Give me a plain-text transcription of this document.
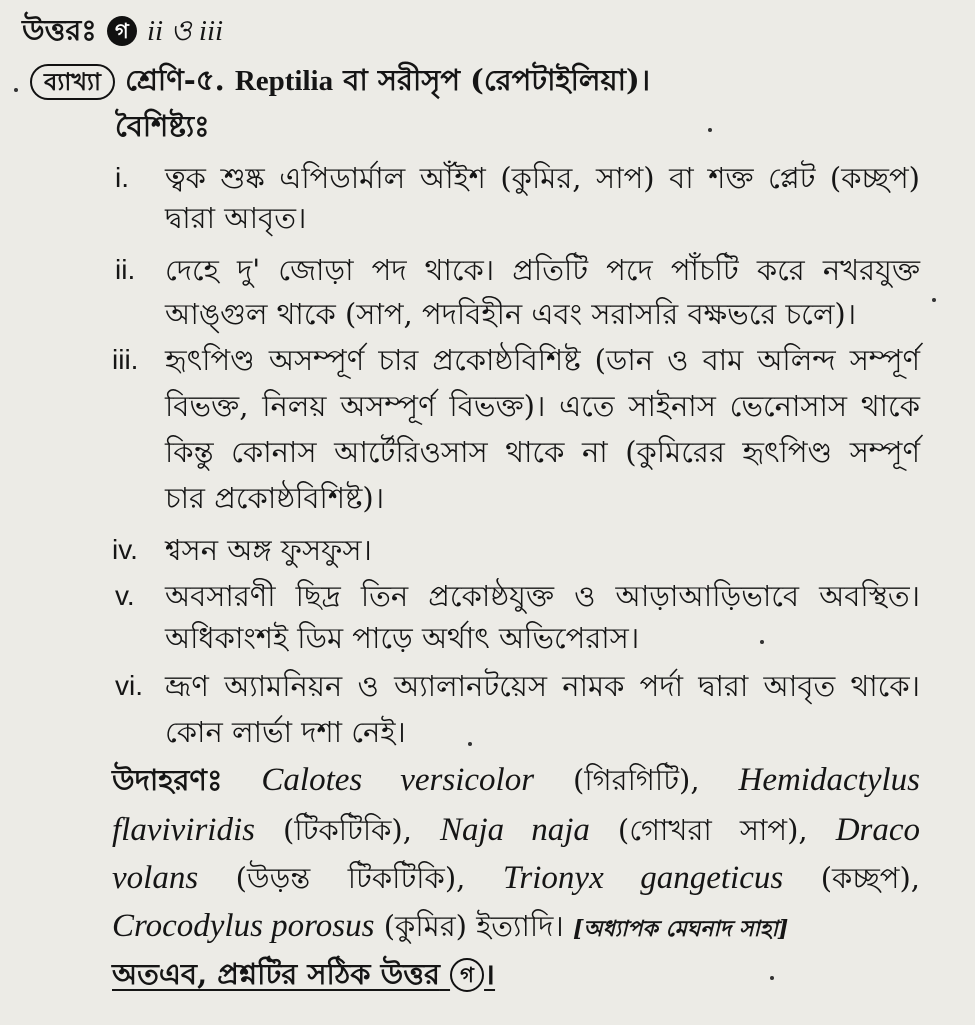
উত্তরঃ গ ii ও iii
ব্যাখ্যা শ্রেণি-৫. Reptilia বা সরীসৃপ (রেপটাইলিয়া)।
বৈশিষ্ট্যঃ
i. ত্বক শুষ্ক এপিডার্মাল আঁইশ (কুমির, সাপ) বা শক্ত প্লেট (কচ্ছপ)
দ্বারা আবৃত।
ii. দেহে দু' জোড়া পদ থাকে। প্রতিটি পদে পাঁচটি করে নখরযুক্ত
আঙ্গুল থাকে (সাপ, পদবিহীন এবং সরাসরি বক্ষভরে চলে)।
iii. হৃৎপিণ্ড অসম্পূর্ণ চার প্রকোষ্ঠবিশিষ্ট (ডান ও বাম অলিন্দ সম্পূর্ণ
বিভক্ত, নিলয় অসম্পূর্ণ বিভক্ত)। এতে সাইনাস ভেনোসাস থাকে
কিন্তু কোনাস আর্টেরিওসাস থাকে না (কুমিরের হৃৎপিণ্ড সম্পূর্ণ
চার প্রকোষ্ঠবিশিষ্ট)।
iv. শ্বসন অঙ্গ ফুসফুস।
v. অবসারণী ছিদ্র তিন প্রকোষ্ঠযুক্ত ও আড়াআড়িভাবে অবস্থিত।
অধিকাংশই ডিম পাড়ে অর্থাৎ অভিপেরাস।
vi. ভ্রূণ অ্যামনিয়ন ও অ্যালানটয়েস নামক পর্দা দ্বারা আবৃত থাকে।
কোন লার্ভা দশা নেই।
উদাহরণঃ Calotes versicolor (গিরগিটি), Hemidactylus
flaviviridis (টিকটিকি), Naja naja (গোখরা সাপ), Draco
volans (উড়ন্ত টিকটিকি), Trionyx gangeticus (কচ্ছপ),
Crocodylus porosus (কুমির) ইত্যাদি। [অধ্যাপক মেঘনাদ সাহা]
অতএব, প্রশ্নটির সঠিক উত্তর গ ।
